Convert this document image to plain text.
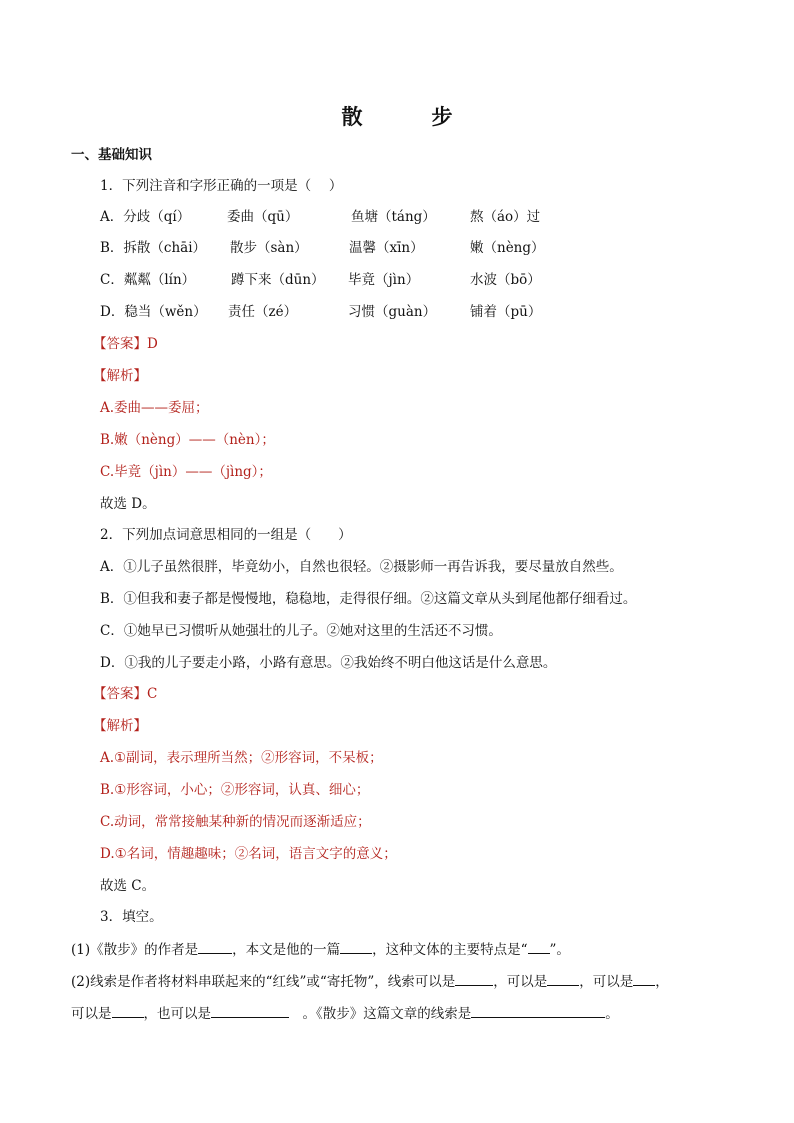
散　步
一、基础知识
1．下列注音和字形正确的一项是（　 ）
A．分歧（qí）	委曲（qū）	鱼塘（táng）	熬（áo）过
B．拆散（chāi） 散步（sàn）	温馨（xīn）	嫩（nèng）
C．粼粼（lín）	蹲下来（dūn） 毕竟（jìn）	水波（bō）
D．稳当（wěn） 责任（zé）	习惯（guàn）	铺着（pū）
【答案】D
【解析】
A.委曲——委屈；
B.嫩（nèng）——（nèn）；
C.毕竟（jìn）——（jìng）；
故选 D。
2．下列加点词意思相同的一组是（　　）
A．①儿子虽然很胖，毕竟幼小，自然也很轻。②摄影师一再告诉我，要尽量放自然些。
B．①但我和妻子都是慢慢地，稳稳地，走得很仔细。②这篇文章从头到尾他都仔细看过。
C．①她早已习惯听从她强壮的儿子。②她对这里的生活还不习惯。
D．①我的儿子要走小路，小路有意思。②我始终不明白他这话是什么意思。
【答案】C
【解析】
A.①副词，表示理所当然；②形容词，不呆板；
B.①形容词，小心；②形容词，认真、细心；
C.动词，常常接触某种新的情况而逐渐适应；
D.①名词，情趣趣味；②名词，语言文字的意义；
故选 C。
3．填空。
(1)《散步》的作者是	，本文是他的一篇 ，这种文体的主要特点是“ ”。
(2)线索是作者将材料串联起来的“红线”或“寄托物”，线索可以是	，可以是 ，可以是 ，
可以是 ，也可以是	　。《散步》这篇文章的线索是	。
